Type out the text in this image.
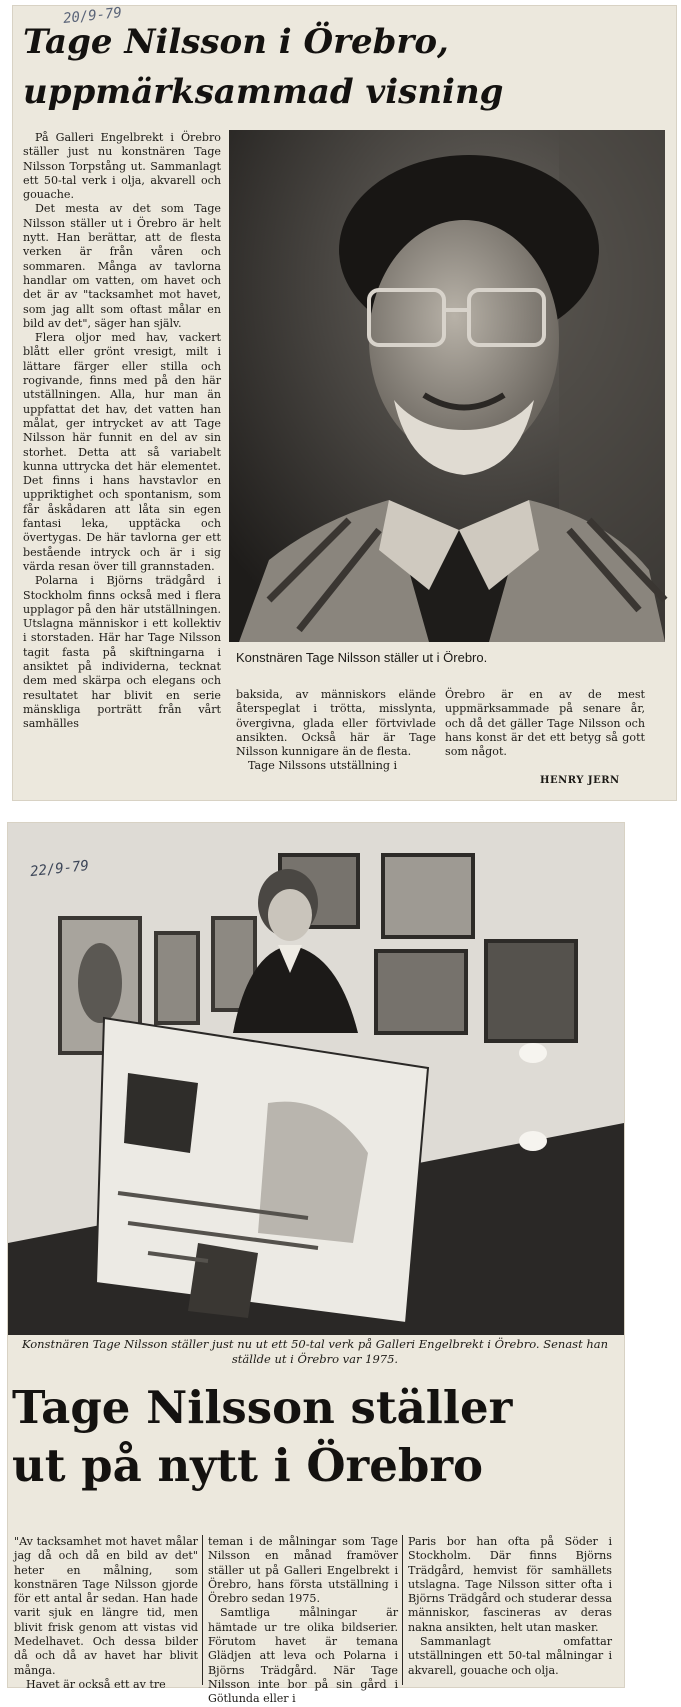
20/9-79
Tage Nilsson i Örebro,
uppmärksammad visning

På Galleri Engelbrekt i Örebro ställer just nu konstnären Tage Nilsson Torpstång ut. Sammanlagt ett 50-tal verk i olja, akvarell och gouache.

Det mesta av det som Tage Nilsson ställer ut i Örebro är helt nytt. Han berättar, att de flesta verken är från våren och sommaren. Många av tavlorna handlar om vatten, om havet och det är av "tacksamhet mot havet, som jag allt som oftast målar en bild av det", säger han själv.

Flera oljor med hav, vackert blått eller grönt vresigt, milt i lättare färger eller stilla och rogivande, finns med på den här utställningen. Alla, hur man än uppfattat det hav, det vatten han målat, ger intrycket av att Tage Nilsson här funnit en del av sin storhet. Detta att så variabelt kunna uttrycka det här elementet. Det finns i hans havstavlor en uppriktighet och spontanism, som får åskådaren att låta sin egen fantasi leka, upptäcka och övertygas. De här tavlorna ger ett bestående intryck och är i sig värda resan över till grannstaden.

Polarna i Björns trädgård i Stockholm finns också med i flera upplagor på den här utställningen. Utslagna människor i ett kollektiv i storstaden. Här har Tage Nilsson tagit fasta på skiftningarna i ansiktet på individerna, tecknat dem med skärpa och elegans och resultatet har blivit en serie mänskliga porträtt från vårt samhälles

Konstnären Tage Nilsson ställer ut i Örebro.

baksida, av människors elände återspeglat i trötta, misslynta, övergivna, glada eller förtvivlade ansikten. Också här är Tage Nilsson kunnigare än de flesta.

Tage Nilssons utställning i

Örebro är en av de mest uppmärksammade på senare år, och då det gäller Tage Nilsson och hans konst är det ett betyg så gott som något.

HENRY JERN
22/9-79
Konstnären Tage Nilsson ställer just nu ut ett 50-tal verk på Galleri Engelbrekt i Örebro. Senast han ställde ut i Örebro var 1975.
Tage Nilsson ställer
ut på nytt i Örebro

"Av tacksamhet mot havet målar jag då och då en bild av det" heter en målning, som konstnären Tage Nilsson gjorde för ett antal år sedan. Han hade varit sjuk en längre tid, men blivit frisk genom att vistas vid Medelhavet. Och dessa bilder då och då av havet har blivit många.

Havet är också ett av tre

teman i de målningar som Tage Nilsson en månad framöver ställer ut på Galleri Engelbrekt i Örebro, hans första utställning i Örebro sedan 1975.

Samtliga målningar är hämtade ur tre olika bildserier. Förutom havet är temana Glädjen att leva och Polarna i Björns Trädgård. När Tage Nilsson inte bor på sin gård i Götlunda eller i

Paris bor han ofta på Söder i Stockholm. Där finns Björns Trädgård, hemvist för samhällets utslagna. Tage Nilsson sitter ofta i Björns Trädgård och studerar dessa människor, fascineras av deras nakna ansikten, helt utan masker.

Sammanlagt omfattar utställningen ett 50-tal målningar i akvarell, gouache och olja.
